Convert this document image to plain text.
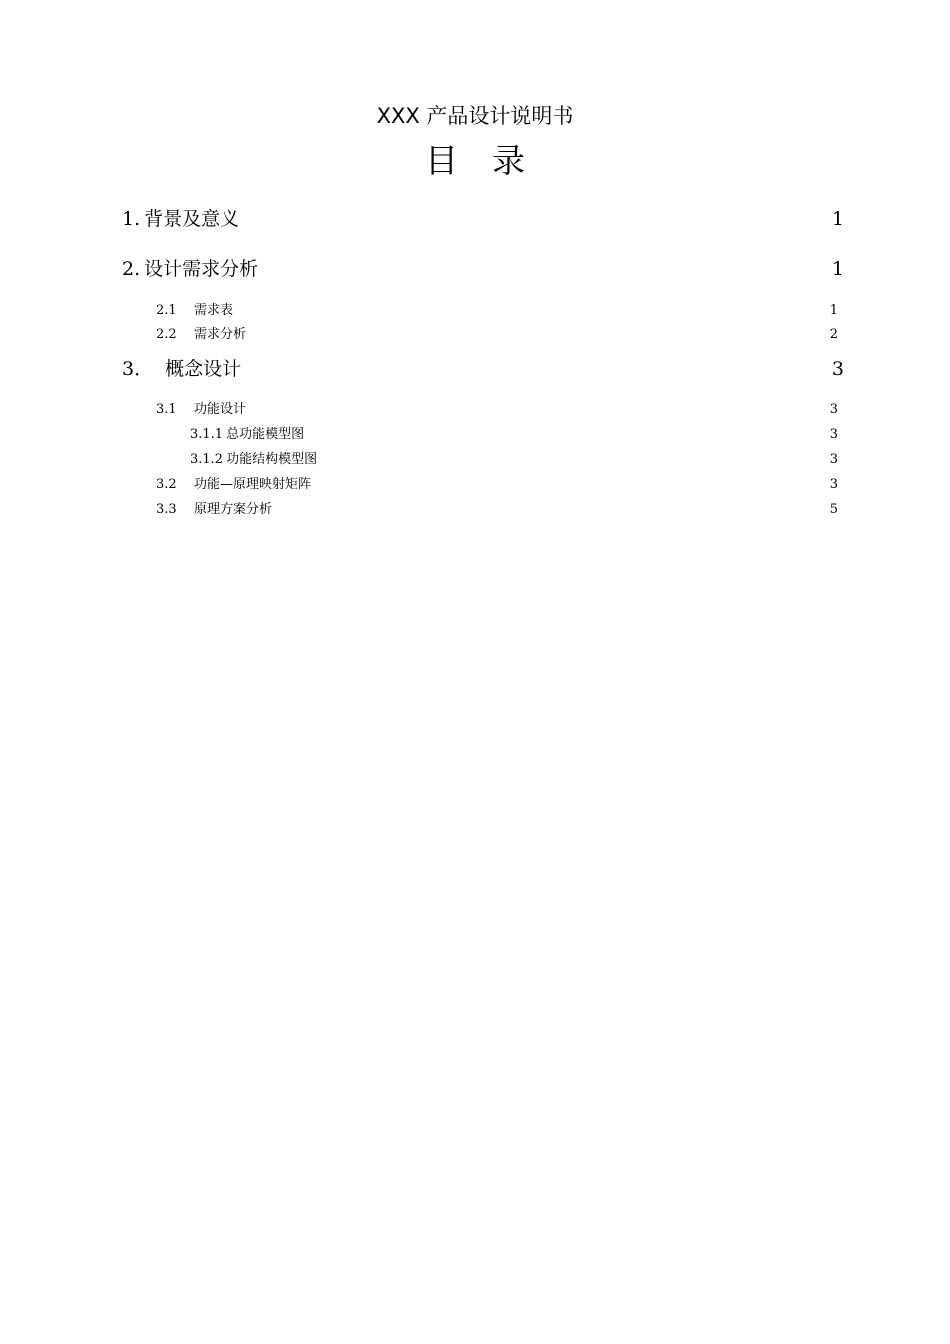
XXX 产品设计说明书
目 录
1. 背景及意义	1
2. 设计需求分析	1
2.1	需求表	1
2.2	需求分析	2
3． 概念设计	3
3.1	功能设计	3
3.1.1 总功能模型图	3
3.1.2 功能结构模型图	3
3.2	功能—原理映射矩阵	3
3.3	原理方案分析	5
